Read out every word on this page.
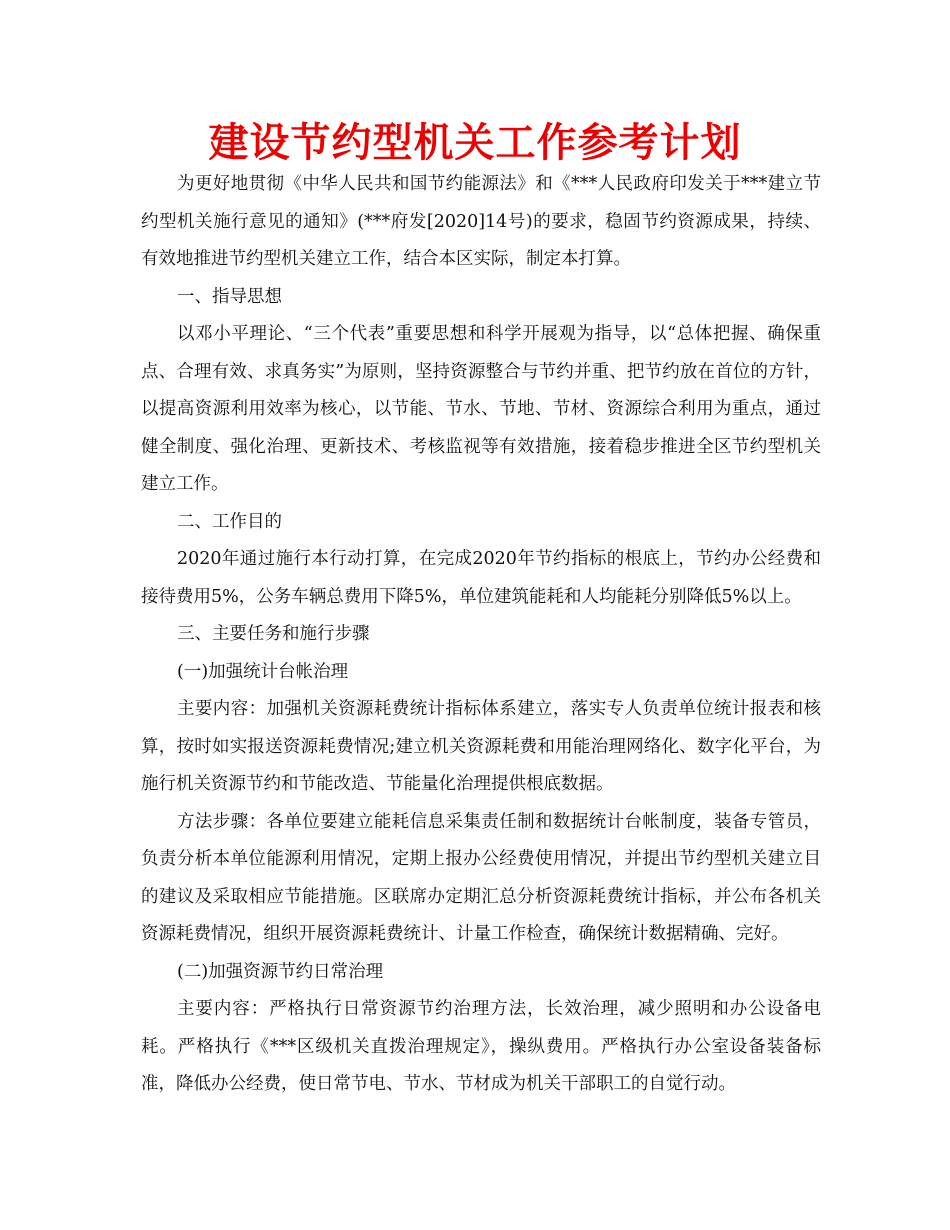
建设节约型机关工作参考计划

为更好地贯彻《中华人民共和国节约能源法》和《***人民政府印发关于***建立节约型机关施行意见的通知》(***府发[2020]14号)的要求，稳固节约资源成果，持续、有效地推进节约型机关建立工作，结合本区实际，制定本打算。

一、指导思想

以邓小平理论、“三个代表”重要思想和科学开展观为指导，以“总体把握、确保重点、合理有效、求真务实”为原则，坚持资源整合与节约并重、把节约放在首位的方针，以提高资源利用效率为核心，以节能、节水、节地、节材、资源综合利用为重点，通过健全制度、强化治理、更新技术、考核监视等有效措施，接着稳步推进全区节约型机关建立工作。

二、工作目的

2020年通过施行本行动打算，在完成2020年节约指标的根底上，节约办公经费和接待费用5%，公务车辆总费用下降5%，单位建筑能耗和人均能耗分别降低5%以上。

三、主要任务和施行步骤

(一)加强统计台帐治理

主要内容：加强机关资源耗费统计指标体系建立，落实专人负责单位统计报表和核算，按时如实报送资源耗费情况;建立机关资源耗费和用能治理网络化、数字化平台，为施行机关资源节约和节能改造、节能量化治理提供根底数据。

方法步骤：各单位要建立能耗信息采集责任制和数据统计台帐制度，装备专管员，负责分析本单位能源利用情况，定期上报办公经费使用情况，并提出节约型机关建立目的建议及采取相应节能措施。区联席办定期汇总分析资源耗费统计指标，并公布各机关资源耗费情况，组织开展资源耗费统计、计量工作检查，确保统计数据精确、完好。

(二)加强资源节约日常治理

主要内容：严格执行日常资源节约治理方法，长效治理，减少照明和办公设备电耗。严格执行《***区级机关直拨治理规定》，操纵费用。严格执行办公室设备装备标准，降低办公经费，使日常节电、节水、节材成为机关干部职工的自觉行动。
